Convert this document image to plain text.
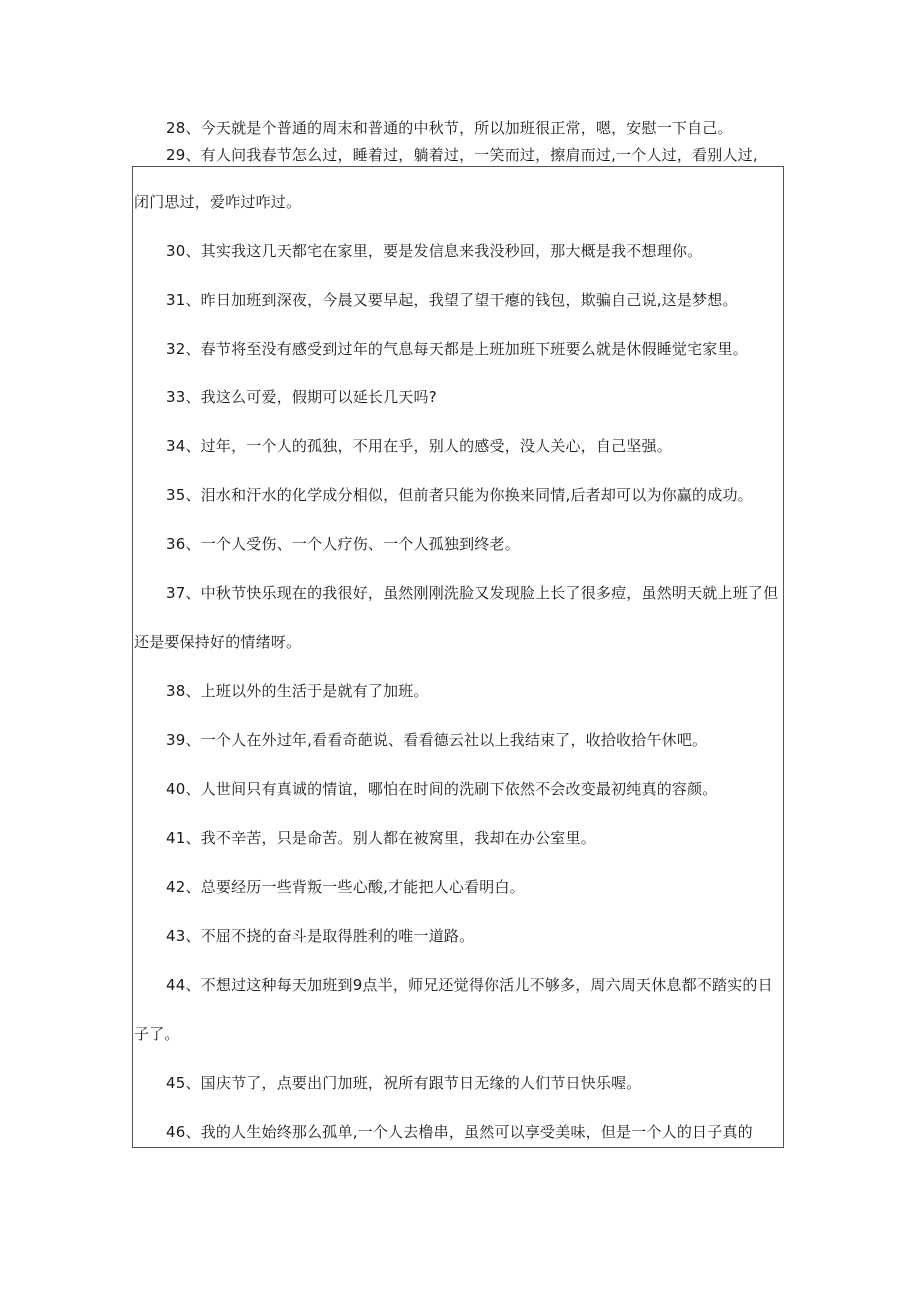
28、今天就是个普通的周末和普通的中秋节，所以加班很正常，嗯，安慰一下自己。
29、有人问我春节怎么过，睡着过，躺着过，一笑而过，擦肩而过,一个人过，看别人过,
闭门思过，爱咋过咋过。
30、其实我这几天都宅在家里，要是发信息来我没秒回，那大概是我不想理你。
31、昨日加班到深夜，今晨又要早起，我望了望干瘪的钱包，欺骗自己说,这是梦想。
32、春节将至没有感受到过年的气息每天都是上班加班下班要么就是休假睡觉宅家里。
33、我这么可爱，假期可以延长几天吗?
34、过年，一个人的孤独，不用在乎，别人的感受，没人关心，自己坚强。
35、泪水和汗水的化学成分相似，但前者只能为你换来同情,后者却可以为你赢的成功。
36、一个人受伤、一个人疗伤、一个人孤独到终老。
37、中秋节快乐现在的我很好，虽然刚刚洗脸又发现脸上长了很多痘，虽然明天就上班了但
还是要保持好的情绪呀。
38、上班以外的生活于是就有了加班。
39、一个人在外过年,看看奇葩说、看看德云社以上我结束了，收拾收拾午休吧。
40、人世间只有真诚的情谊，哪怕在时间的洗刷下依然不会改变最初纯真的容颜。
41、我不辛苦，只是命苦。别人都在被窝里，我却在办公室里。
42、总要经历一些背叛一些心酸,才能把人心看明白。
43、不屈不挠的奋斗是取得胜利的唯一道路。
44、不想过这种每天加班到9点半，师兄还觉得你活儿不够多，周六周天休息都不踏实的日
子了。
45、国庆节了，点要出门加班，祝所有跟节日无缘的人们节日快乐喔。
46、我的人生始终那么孤单,一个人去橹串，虽然可以享受美味，但是一个人的日子真的
